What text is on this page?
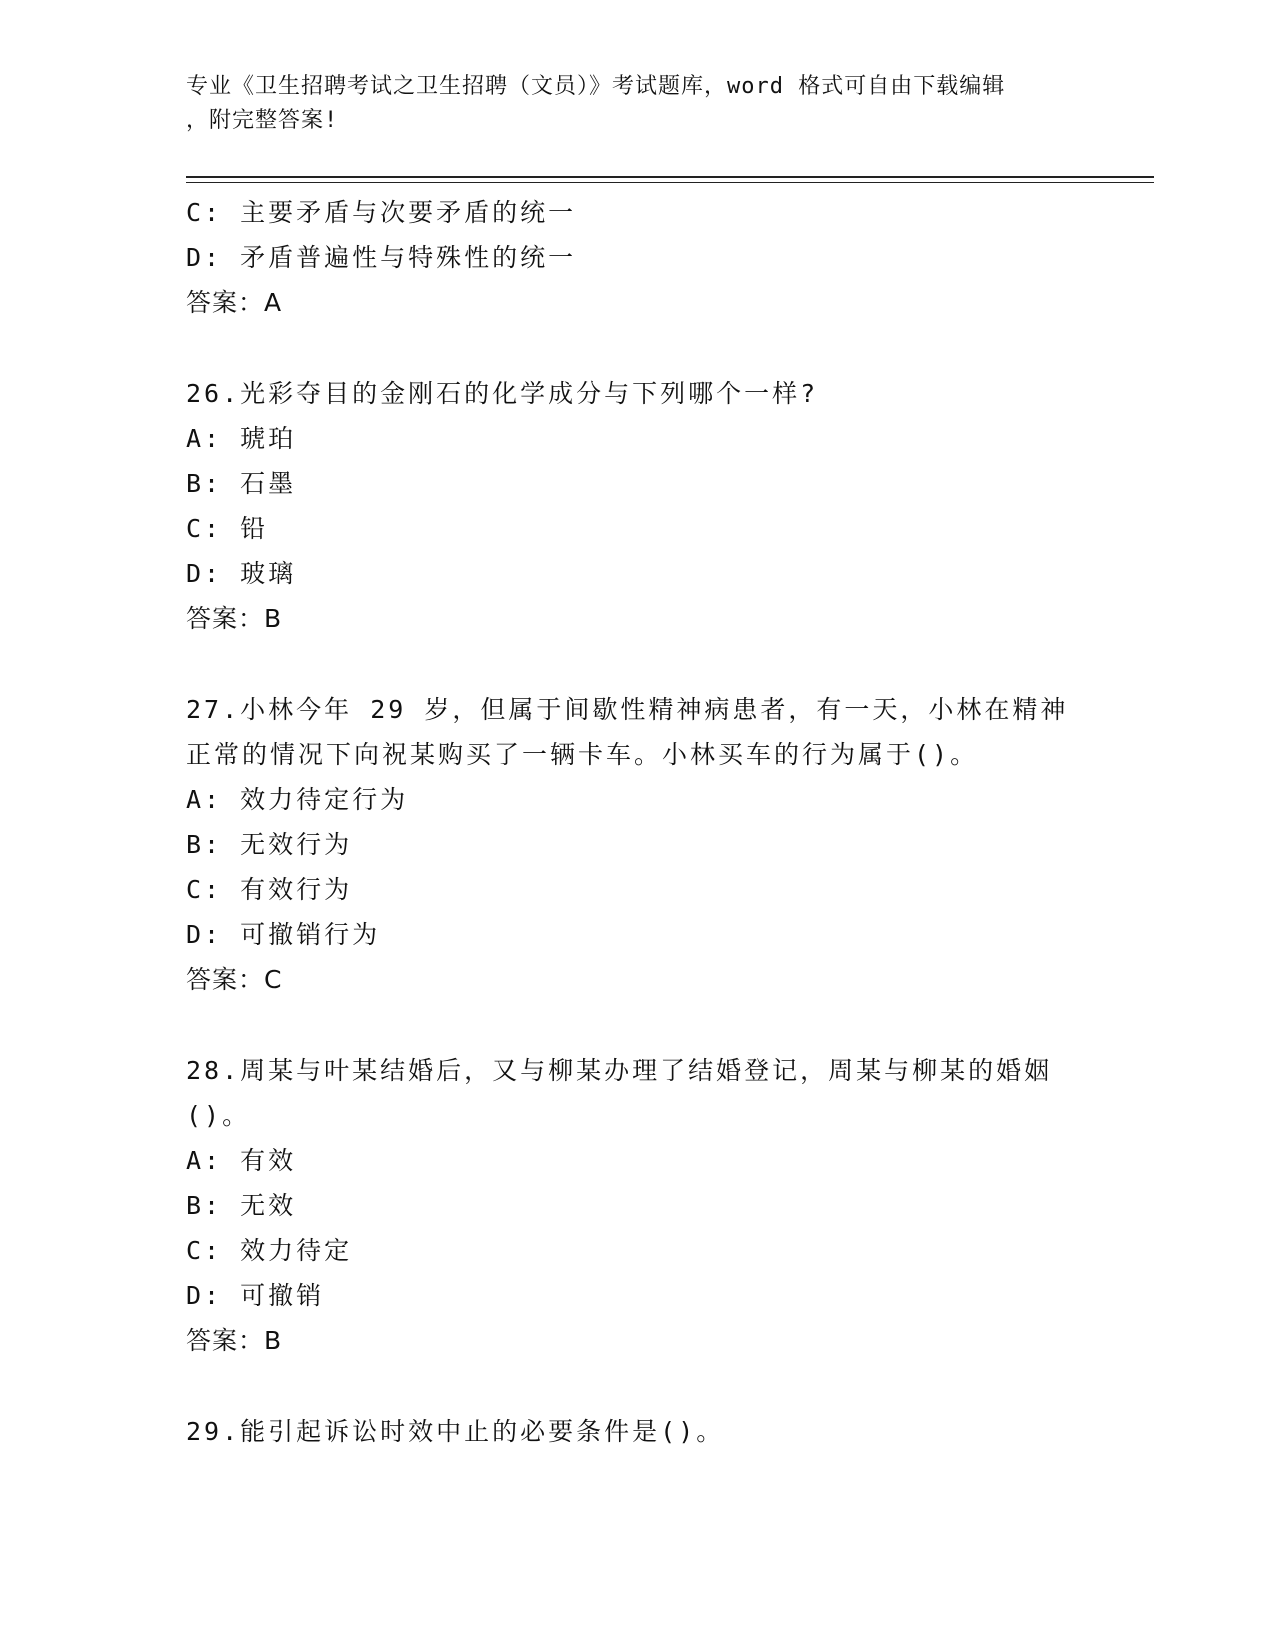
专业《卫生招聘考试之卫生招聘（文员）》考试题库，word 格式可自由下载编辑
，附完整答案!

C: 主要矛盾与次要矛盾的统一

D: 矛盾普遍性与特殊性的统一

答案：A

26.光彩夺目的金刚石的化学成分与下列哪个一样?

A: 琥珀

B: 石墨

C: 铅

D: 玻璃

答案：B

27.小林今年 29 岁，但属于间歇性精神病患者，有一天，小林在精神

正常的情况下向祝某购买了一辆卡车。小林买车的行为属于()。

A: 效力待定行为

B: 无效行为

C: 有效行为

D: 可撤销行为

答案：C

28.周某与叶某结婚后，又与柳某办理了结婚登记，周某与柳某的婚姻

()。

A: 有效

B: 无效

C: 效力待定

D: 可撤销

答案：B

29.能引起诉讼时效中止的必要条件是()。
